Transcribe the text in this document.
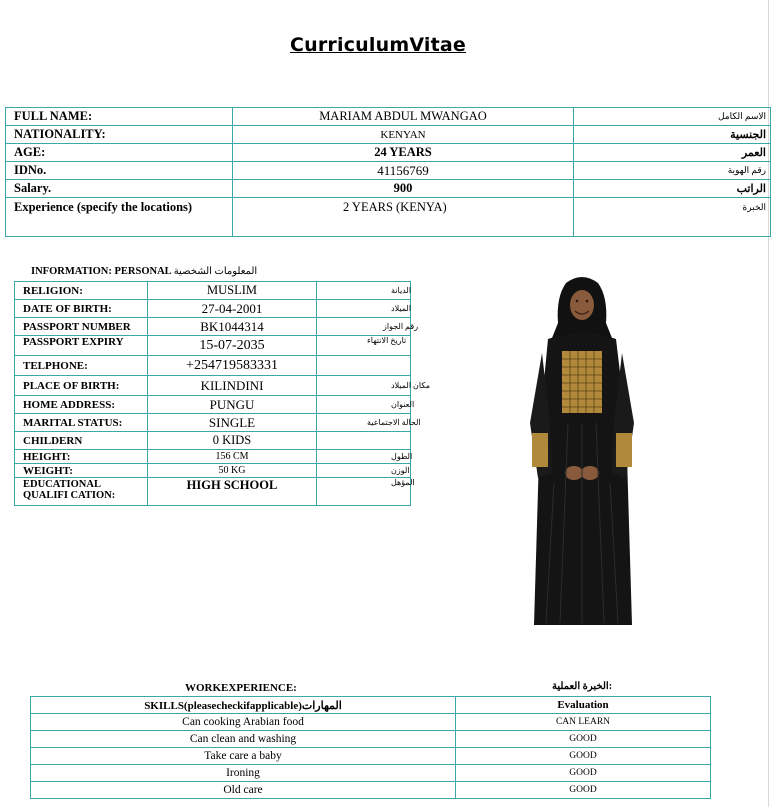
CurriculumVitae
FULL NAME:	MARIAM ABDUL MWANGAO	الاسم الكامل
NATIONALITY:	KENYAN	الجنسية
AGE:	24 YEARS	العمر
IDNo.	41156769	رقم الهوية
Salary.	900	الراتب
Experience (specify the locations)	2 YEARS (KENYA)	الخبرة
INFORMATION: PERSONAL المعلومات الشخصية
RELIGION:	MUSLIM	الديانة
DATE OF BIRTH:	27-04-2001	الميلاد
PASSPORT NUMBER	BK1044314	رقم الجواز
PASSPORT EXPIRY	15-07-2035	تاريخ الانتهاء
TELPHONE:	+254719583331	
PLACE OF BIRTH:	KILINDINI	مكان الميلاد
HOME ADDRESS:	PUNGU	العنوان
MARITAL STATUS:	SINGLE	الحالة الاجتماعية
CHILDERN	0 KIDS	
HEIGHT:	156 CM	الطول
WEIGHT:	50 KG	الوزن
EDUCATIONAL QUALIFI CATION:	HIGH SCHOOL	المؤهل
WORKEXPERIENCE:	الخبرة العملية:
SKILLS(pleasecheckifapplicable)المهارات	Evaluation
Can cooking Arabian food	CAN LEARN
Can clean and washing	GOOD
Take care a baby	GOOD
Ironing	GOOD
Old care	GOOD
